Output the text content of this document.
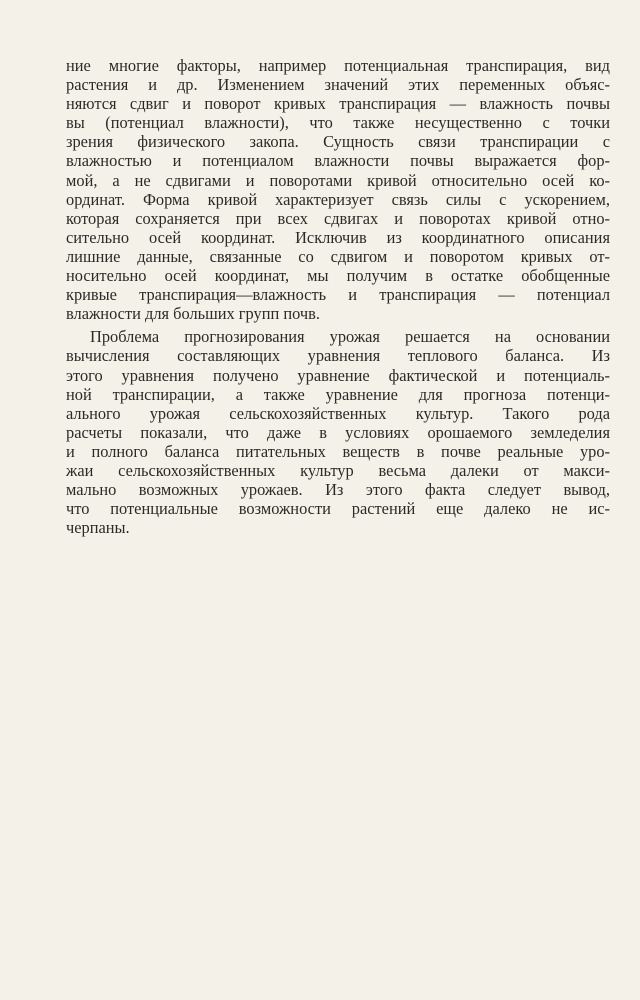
ние многие факторы, например потенциальная транспирация, вид
растения и др. Изменением значений этих переменных объяс-
няются сдвиг и поворот кривых транспирация — влажность почвы
вы (потенциал влажности), что также несущественно с точки
зрения физического закопа. Сущность связи транспирации с
влажностью и потенциалом влажности почвы выражается фор-
мой, а не сдвигами и поворотами кривой относительно осей ко-
ординат. Форма кривой характеризует связь силы с ускорением,
которая сохраняется при всех сдвигах и поворотах кривой отно-
сительно осей координат. Исключив из координатного описания
лишние данные, связанные со сдвигом и поворотом кривых от-
носительно осей координат, мы получим в остатке обобщенные
кривые транспирация—влажность и транспирация — потенциал
влажности для больших групп почв.
Проблема прогнозирования урожая решается на основании
вычисления составляющих уравнения теплового баланса. Из
этого уравнения получено уравнение фактической и потенциаль-
ной транспирации, а также уравнение для прогноза потенци-
ального урожая сельскохозяйственных культур. Такого рода
расчеты показали, что даже в условиях орошаемого земледелия
и полного баланса питательных веществ в почве реальные уро-
жаи сельскохозяйственных культур весьма далеки от макси-
мально возможных урожаев. Из этого факта следует вывод,
что потенциальные возможности растений еще далеко не ис-
черпаны.
